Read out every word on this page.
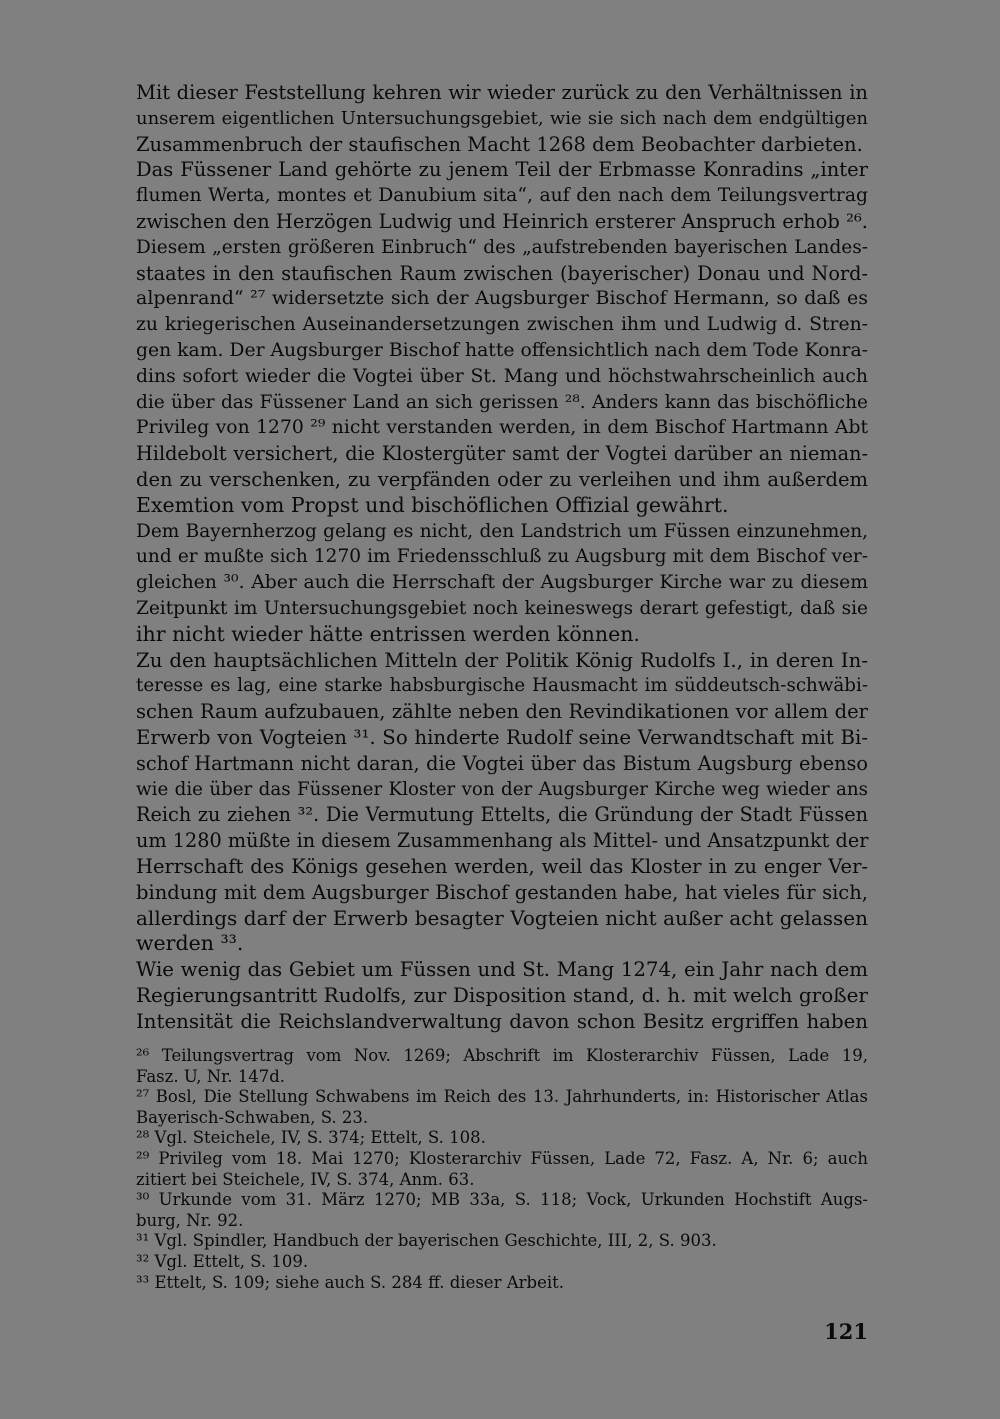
Mit dieser Feststellung kehren wir wieder zurück zu den Verhältnissen in
unserem eigentlichen Untersuchungsgebiet, wie sie sich nach dem endgültigen
Zusammenbruch der staufischen Macht 1268 dem Beobachter darbieten.
Das Füssener Land gehörte zu jenem Teil der Erbmasse Konradins „inter
flumen Werta, montes et Danubium sita“, auf den nach dem Teilungsvertrag
zwischen den Herzögen Ludwig und Heinrich ersterer Anspruch erhob ²⁶.
Diesem „ersten größeren Einbruch“ des „aufstrebenden bayerischen Landes-
staates in den staufischen Raum zwischen (bayerischer) Donau und Nord-
alpenrand“ ²⁷ widersetzte sich der Augsburger Bischof Hermann, so daß es
zu kriegerischen Auseinandersetzungen zwischen ihm und Ludwig d. Stren-
gen kam. Der Augsburger Bischof hatte offensichtlich nach dem Tode Konra-
dins sofort wieder die Vogtei über St. Mang und höchstwahrscheinlich auch
die über das Füssener Land an sich gerissen ²⁸. Anders kann das bischöfliche
Privileg von 1270 ²⁹ nicht verstanden werden, in dem Bischof Hartmann Abt
Hildebolt versichert, die Klostergüter samt der Vogtei darüber an nieman-
den zu verschenken, zu verpfänden oder zu verleihen und ihm außerdem
Exemtion vom Propst und bischöflichen Offizial gewährt.
Dem Bayernherzog gelang es nicht, den Landstrich um Füssen einzunehmen,
und er mußte sich 1270 im Friedensschluß zu Augsburg mit dem Bischof ver-
gleichen ³⁰. Aber auch die Herrschaft der Augsburger Kirche war zu diesem
Zeitpunkt im Untersuchungsgebiet noch keineswegs derart gefestigt, daß sie
ihr nicht wieder hätte entrissen werden können.
Zu den hauptsächlichen Mitteln der Politik König Rudolfs I., in deren In-
teresse es lag, eine starke habsburgische Hausmacht im süddeutsch-schwäbi-
schen Raum aufzubauen, zählte neben den Revindikationen vor allem der
Erwerb von Vogteien ³¹. So hinderte Rudolf seine Verwandtschaft mit Bi-
schof Hartmann nicht daran, die Vogtei über das Bistum Augsburg ebenso
wie die über das Füssener Kloster von der Augsburger Kirche weg wieder ans
Reich zu ziehen ³². Die Vermutung Ettelts, die Gründung der Stadt Füssen
um 1280 müßte in diesem Zusammenhang als Mittel- und Ansatzpunkt der
Herrschaft des Königs gesehen werden, weil das Kloster in zu enger Ver-
bindung mit dem Augsburger Bischof gestanden habe, hat vieles für sich,
allerdings darf der Erwerb besagter Vogteien nicht außer acht gelassen
werden ³³.
Wie wenig das Gebiet um Füssen und St. Mang 1274, ein Jahr nach dem
Regierungsantritt Rudolfs, zur Disposition stand, d. h. mit welch großer
Intensität die Reichslandverwaltung davon schon Besitz ergriffen haben
²⁶ Teilungsvertrag vom Nov. 1269; Abschrift im Klosterarchiv Füssen, Lade 19,
Fasz. U, Nr. 147d.
²⁷ Bosl, Die Stellung Schwabens im Reich des 13. Jahrhunderts, in: Historischer Atlas
Bayerisch-Schwaben, S. 23.
²⁸ Vgl. Steichele, IV, S. 374; Ettelt, S. 108.
²⁹ Privileg vom 18. Mai 1270; Klosterarchiv Füssen, Lade 72, Fasz. A, Nr. 6; auch
zitiert bei Steichele, IV, S. 374, Anm. 63.
³⁰ Urkunde vom 31. März 1270; MB 33a, S. 118; Vock, Urkunden Hochstift Augs-
burg, Nr. 92.
³¹ Vgl. Spindler, Handbuch der bayerischen Geschichte, III, 2, S. 903.
³² Vgl. Ettelt, S. 109.
³³ Ettelt, S. 109; siehe auch S. 284 ff. dieser Arbeit.
121
